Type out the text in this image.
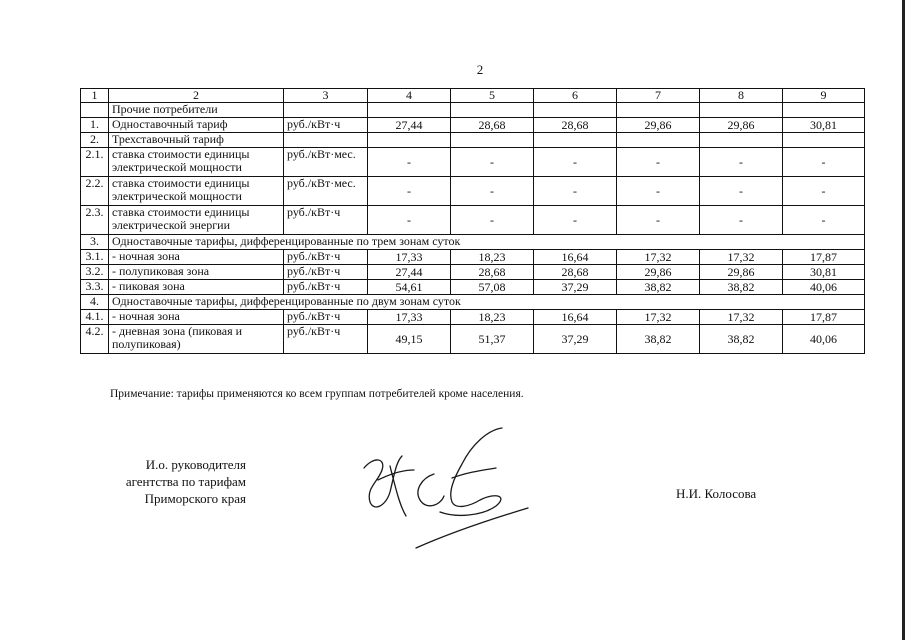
2
1	2	3	4	5	6	7	8	9
	Прочие потребители							
1.	Одноставочный тариф	руб./кВт·ч	27,44	28,68	28,68	29,86	29,86	30,81
2.	Трехставочный тариф							
2.1.	ставка стоимости единицы электрической мощности	руб./кВт·мес.	-	-	-	-	-	-
2.2.	ставка стоимости единицы электрической мощности	руб./кВт·мес.	-	-	-	-	-	-
2.3.	ставка стоимости единицы электрической энергии	руб./кВт·ч	-	-	-	-	-	-
3.	Одноставочные тарифы, дифференцированные по трем зонам суток							
3.1.	- ночная зона	руб./кВт·ч	17,33	18,23	16,64	17,32	17,32	17,87
3.2.	- полупиковая зона	руб./кВт·ч	27,44	28,68	28,68	29,86	29,86	30,81
3.3.	- пиковая зона	руб./кВт·ч	54,61	57,08	37,29	38,82	38,82	40,06
4.	Одноставочные тарифы, дифференцированные по двум зонам суток							
4.1.	- ночная зона	руб./кВт·ч	17,33	18,23	16,64	17,32	17,32	17,87
4.2.	- дневная зона (пиковая и полупиковая)	руб./кВт·ч	49,15	51,37	37,29	38,82	38,82	40,06
Примечание: тарифы применяются ко всем группам потребителей кроме населения.
И.о. руководителя
агентства по тарифам
Приморского края	Н.И. Колосова
